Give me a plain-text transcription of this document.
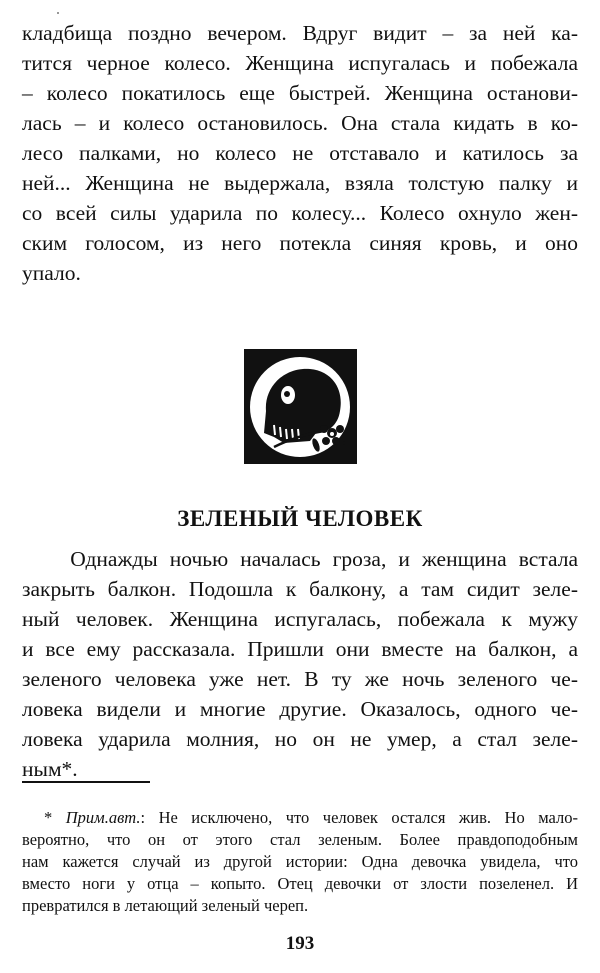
кладбища поздно вечером. Вдруг видит – за ней ка-
тится черное колесо. Женщина испугалась и побежала
– колесо покатилось еще быстрей. Женщина останови-
лась – и колесо остановилось. Она стала кидать в ко-
лесо палками, но колесо не отставало и катилось за
ней... Женщина не выдержала, взяла толстую палку и
со всей силы ударила по колесу... Колесо охнуло жен-
ским голосом, из него потекла синяя кровь, и оно
упало.
ЗЕЛЕНЫЙ ЧЕЛОВЕК
Однажды ночью началась гроза, и женщина встала
закрыть балкон. Подошла к балкону, а там сидит зеле-
ный человек. Женщина испугалась, побежала к мужу
и все ему рассказала. Пришли они вместе на балкон, а
зеленого человека уже нет. В ту же ночь зеленого че-
ловека видели и многие другие. Оказалось, одного че-
ловека ударила молния, но он не умер, а стал зеле-
ным*.
* Прим.авт.: Не исключено, что человек остался жив. Но мало-
вероятно, что он от этого стал зеленым. Более правдоподобным
нам кажется случай из другой истории: Одна девочка увидела, что
вместо ноги у отца – копыто. Отец девочки от злости позеленел. И
превратился в летающий зеленый череп.
193
